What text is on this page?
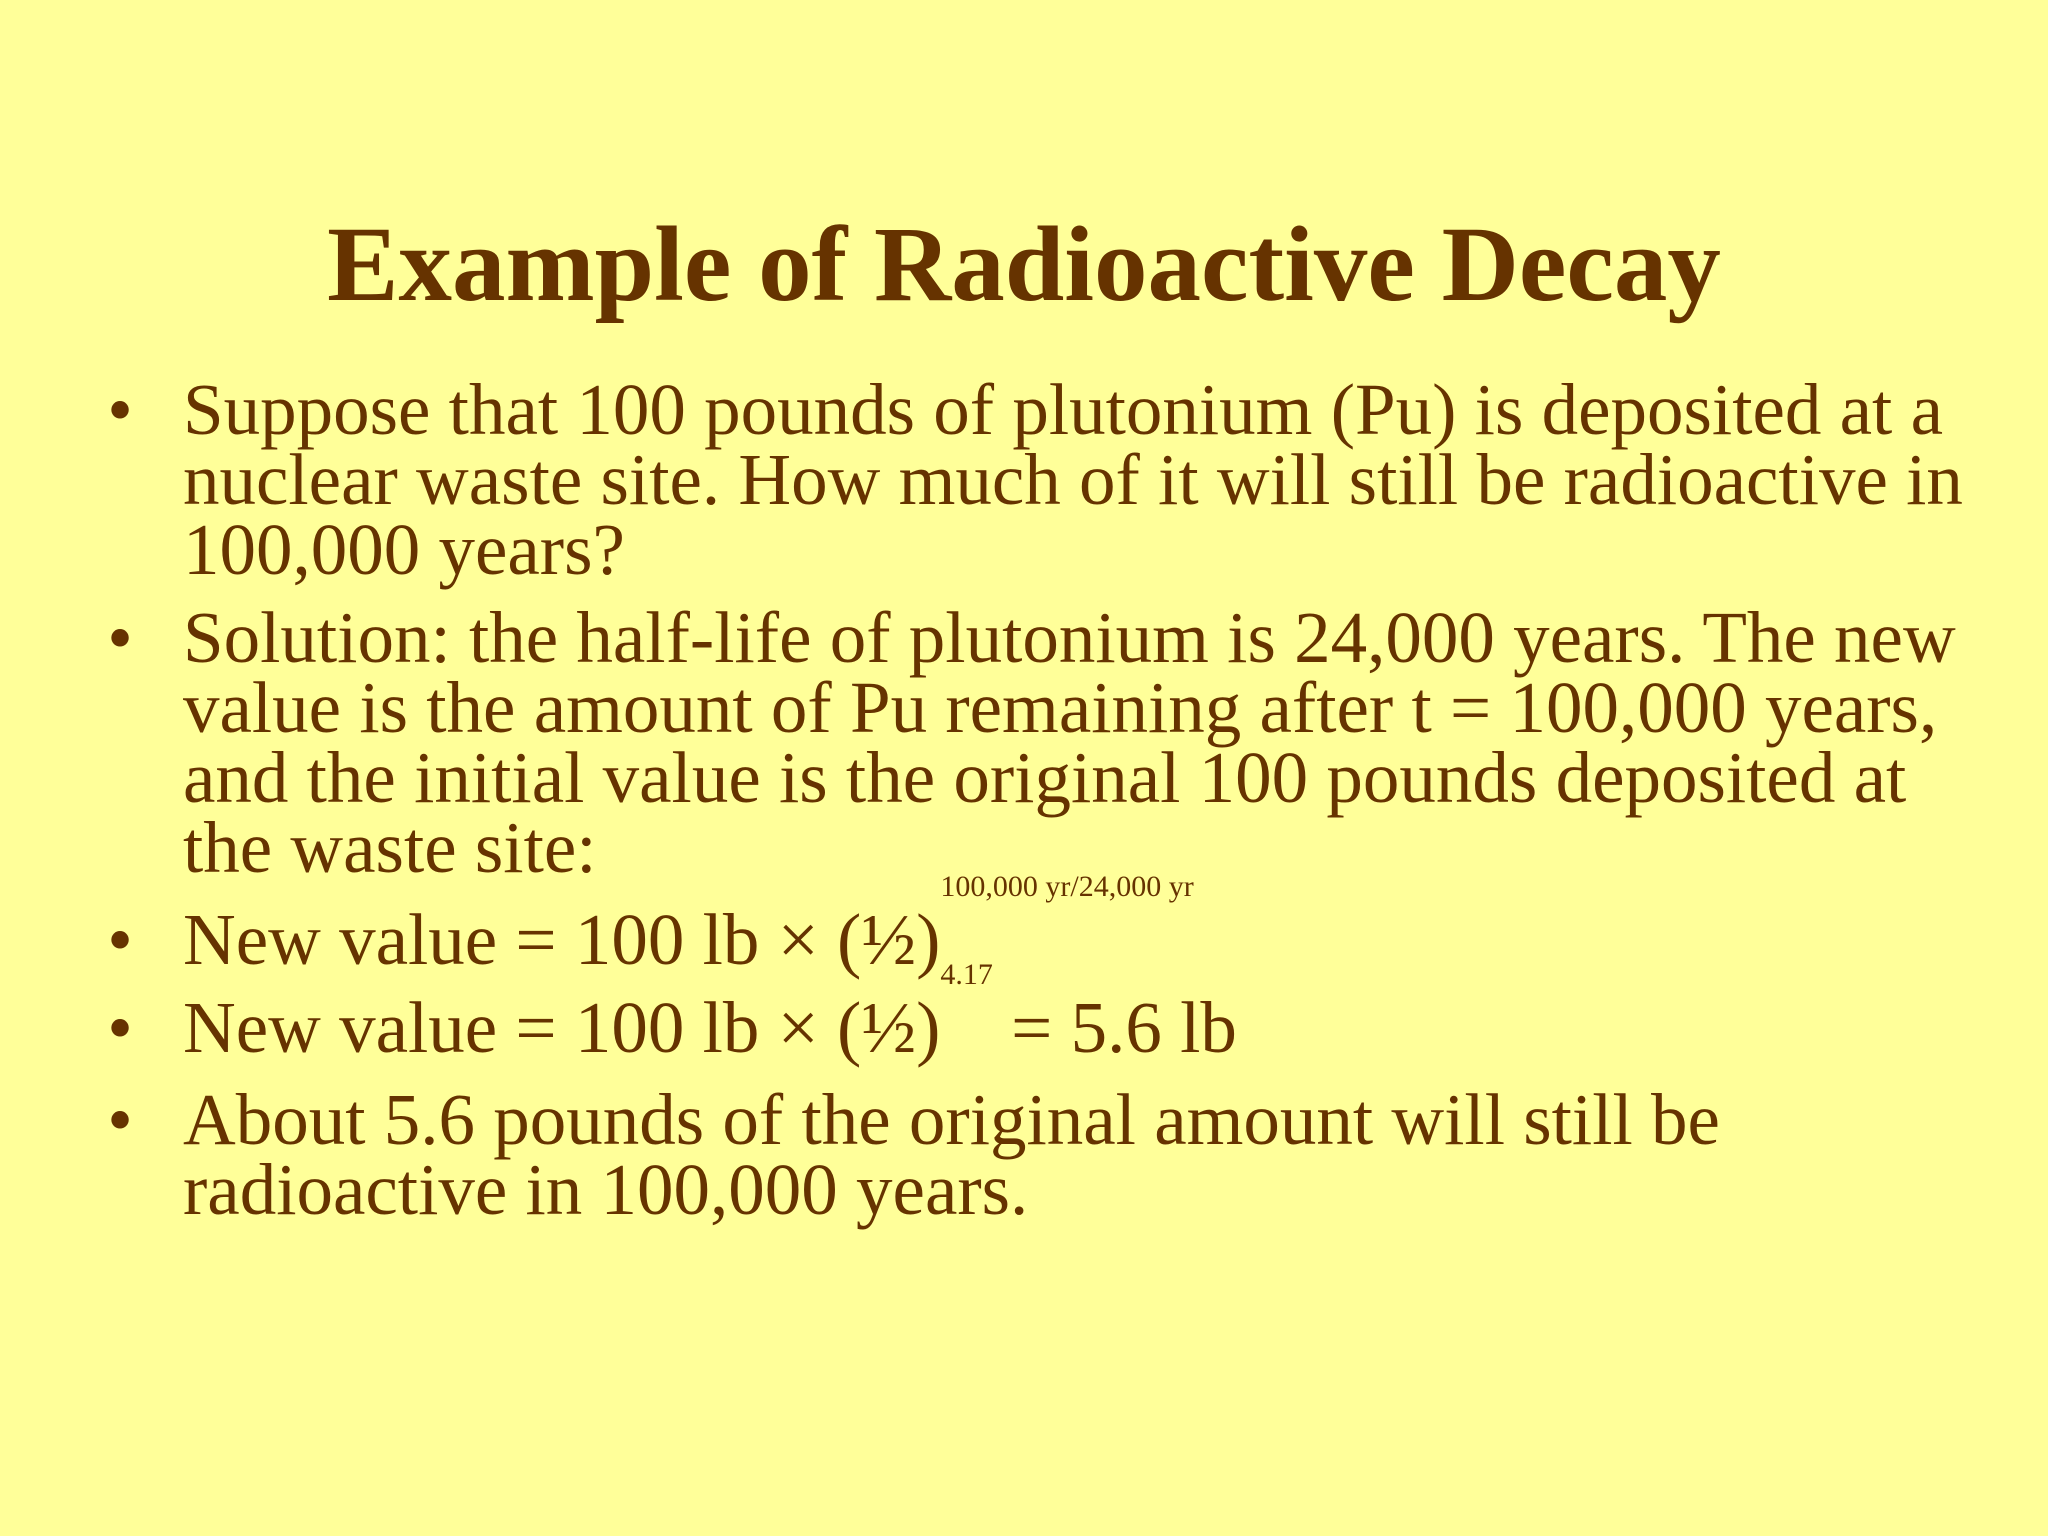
Example of Radioactive Decay
• Suppose that 100 pounds of plutonium (Pu) is deposited at a nuclear waste site. How much of it will still be radioactive in 100,000 years?
• Solution: the half-life of plutonium is 24,000 years. The new value is the amount of Pu remaining after t = 100,000 years, and the initial value is the original 100 pounds deposited at the waste site:
• New value = 100 lb × (½)$^{100,000 yr/24,000 yr}$
• New value = 100 lb × (½)$^{4.17}$ = 5.6 lb
• About 5.6 pounds of the original amount will still be radioactive in 100,000 years.
